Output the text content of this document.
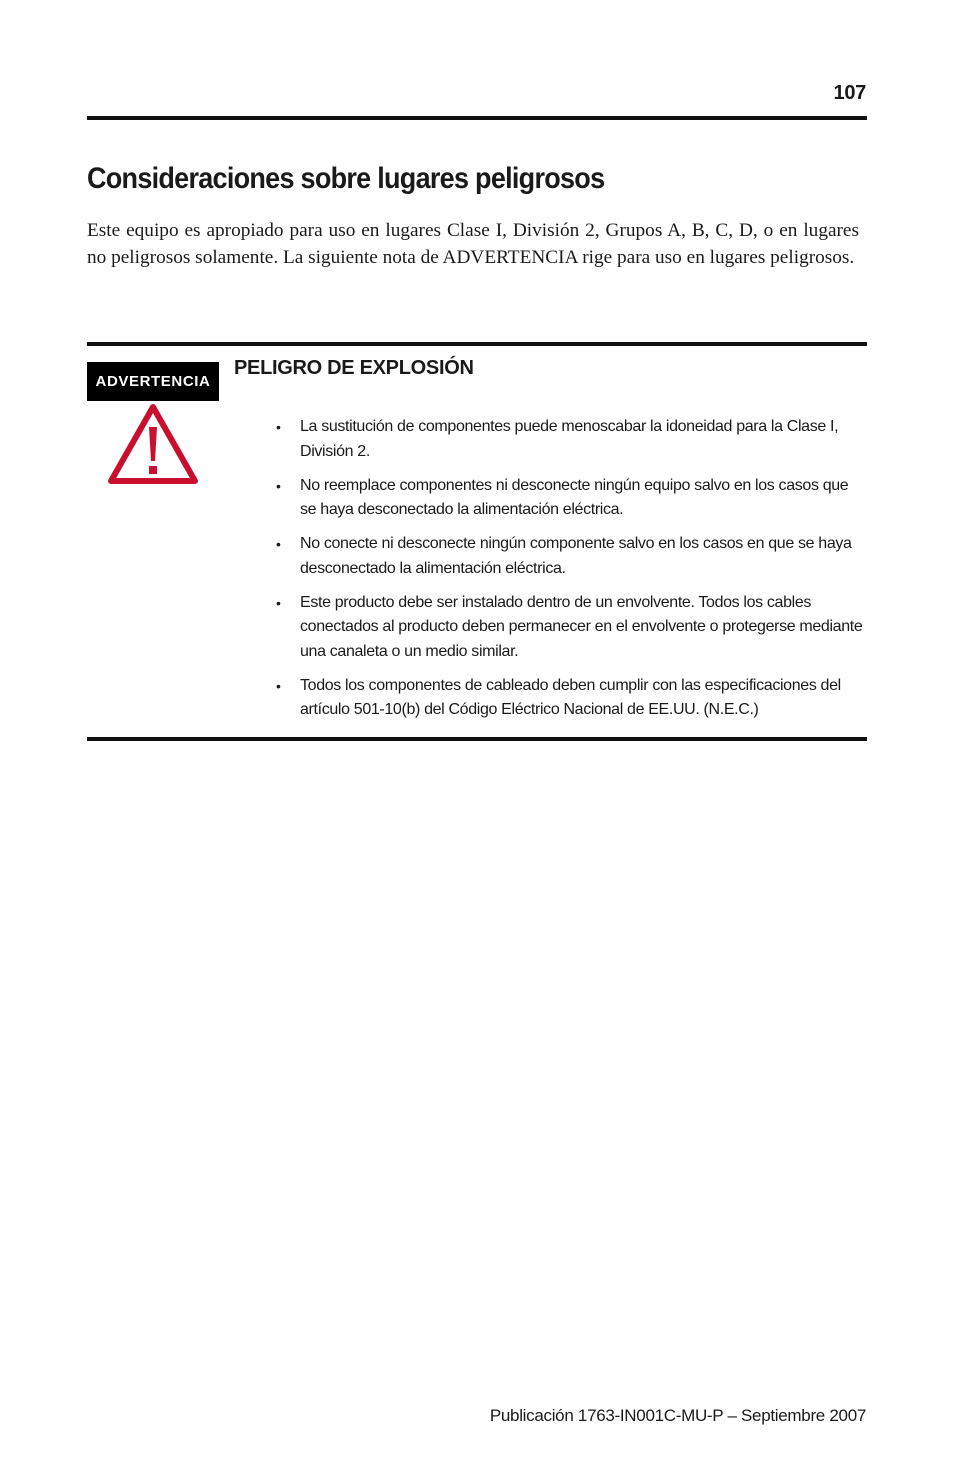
107
Consideraciones sobre lugares peligrosos

Este equipo es apropiado para uso en lugares Clase I, División 2, Grupos A, B, C, D, o en lugares no peligrosos solamente. La siguiente nota de ADVERTENCIA rige para uso en lugares peligrosos.

ADVERTENCIA
PELIGRO DE EXPLOSIÓN
• La sustitución de componentes puede menoscabar la idoneidad para la Clase I, División 2.
• No reemplace componentes ni desconecte ningún equipo salvo en los casos que se haya desconectado la alimentación eléctrica.
• No conecte ni desconecte ningún componente salvo en los casos en que se haya desconectado la alimentación eléctrica.
• Este producto debe ser instalado dentro de un envolvente. Todos los cables conectados al producto deben permanecer en el envolvente o protegerse mediante una canaleta o un medio similar.
• Todos los componentes de cableado deben cumplir con las especificaciones del artículo 501-10(b) del Código Eléctrico Nacional de EE.UU. (N.E.C.)
Publicación 1763-IN001C-MU-P – Septiembre 2007
